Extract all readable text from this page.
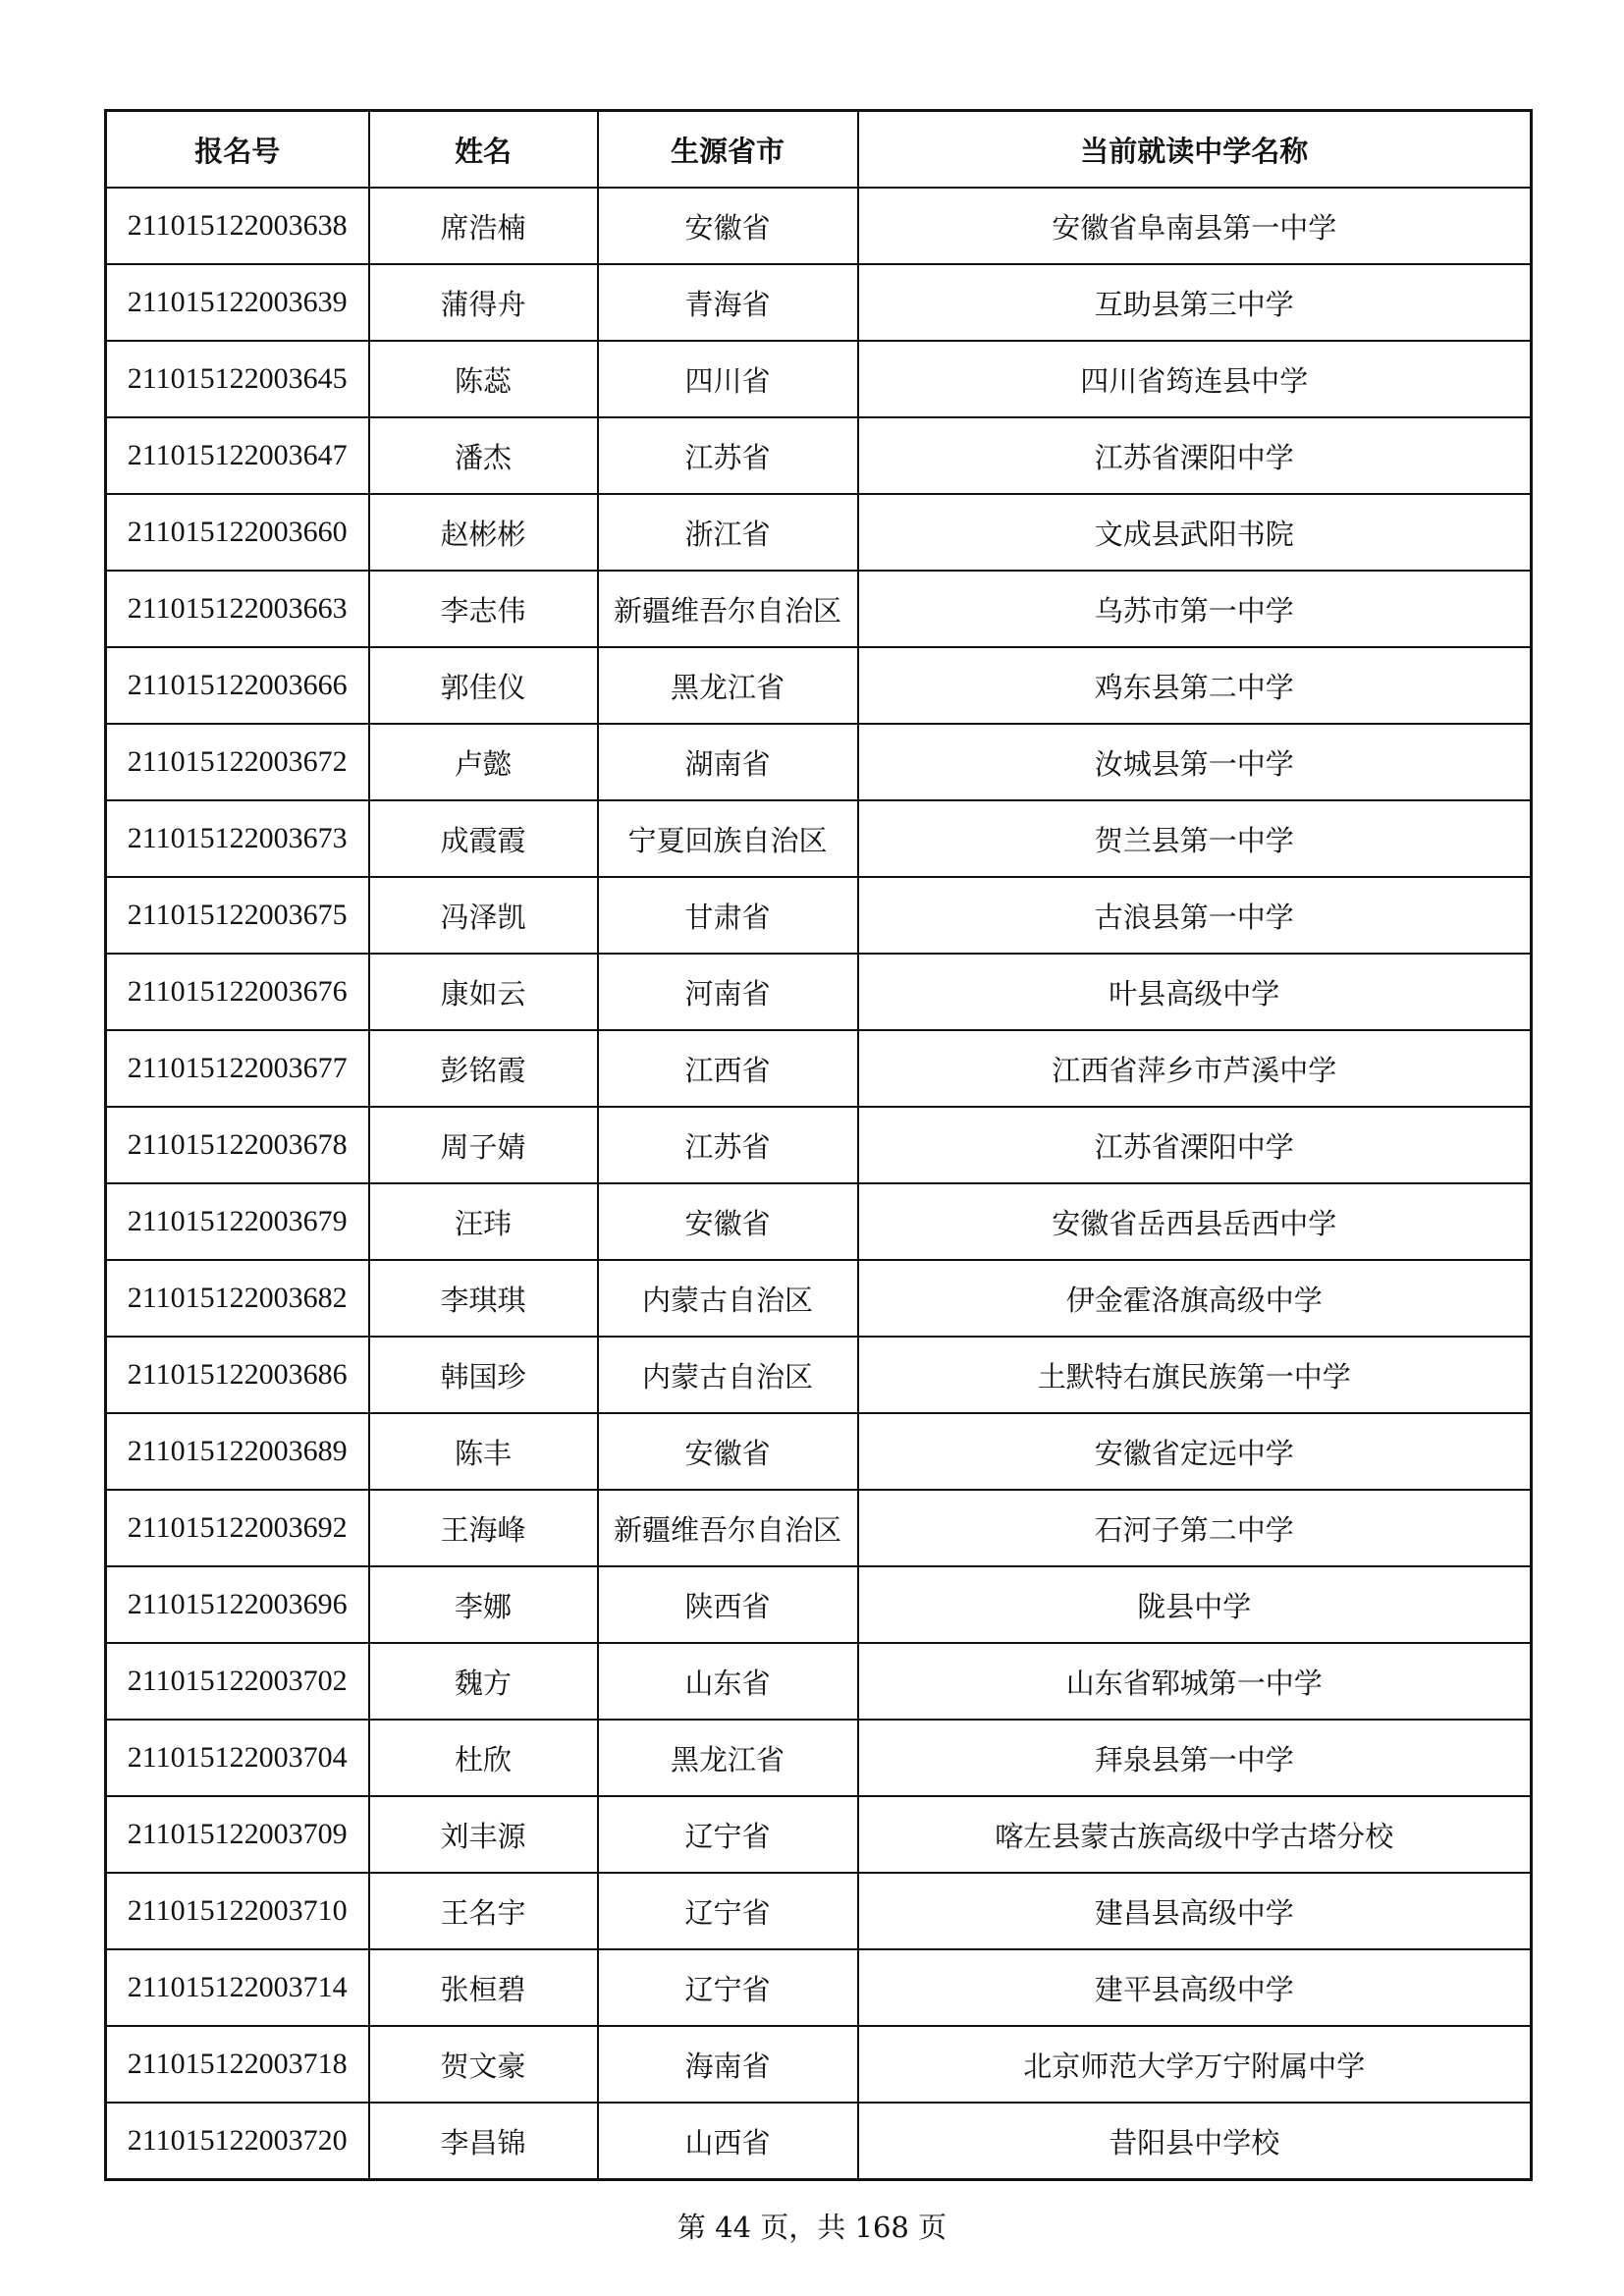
报名号	姓名	生源省市	当前就读中学名称
211015122003638	席浩楠	安徽省	安徽省阜南县第一中学
211015122003639	蒲得舟	青海省	互助县第三中学
211015122003645	陈蕊	四川省	四川省筠连县中学
211015122003647	潘杰	江苏省	江苏省溧阳中学
211015122003660	赵彬彬	浙江省	文成县武阳书院
211015122003663	李志伟	新疆维吾尔自治区	乌苏市第一中学
211015122003666	郭佳仪	黑龙江省	鸡东县第二中学
211015122003672	卢懿	湖南省	汝城县第一中学
211015122003673	成霞霞	宁夏回族自治区	贺兰县第一中学
211015122003675	冯泽凯	甘肃省	古浪县第一中学
211015122003676	康如云	河南省	叶县高级中学
211015122003677	彭铭霞	江西省	江西省萍乡市芦溪中学
211015122003678	周子婧	江苏省	江苏省溧阳中学
211015122003679	汪玮	安徽省	安徽省岳西县岳西中学
211015122003682	李琪琪	内蒙古自治区	伊金霍洛旗高级中学
211015122003686	韩国珍	内蒙古自治区	土默特右旗民族第一中学
211015122003689	陈丰	安徽省	安徽省定远中学
211015122003692	王海峰	新疆维吾尔自治区	石河子第二中学
211015122003696	李娜	陕西省	陇县中学
211015122003702	魏方	山东省	山东省郓城第一中学
211015122003704	杜欣	黑龙江省	拜泉县第一中学
211015122003709	刘丰源	辽宁省	喀左县蒙古族高级中学古塔分校
211015122003710	王名宇	辽宁省	建昌县高级中学
211015122003714	张桓碧	辽宁省	建平县高级中学
211015122003718	贺文豪	海南省	北京师范大学万宁附属中学
211015122003720	李昌锦	山西省	昔阳县中学校
第 44 页，共 168 页
